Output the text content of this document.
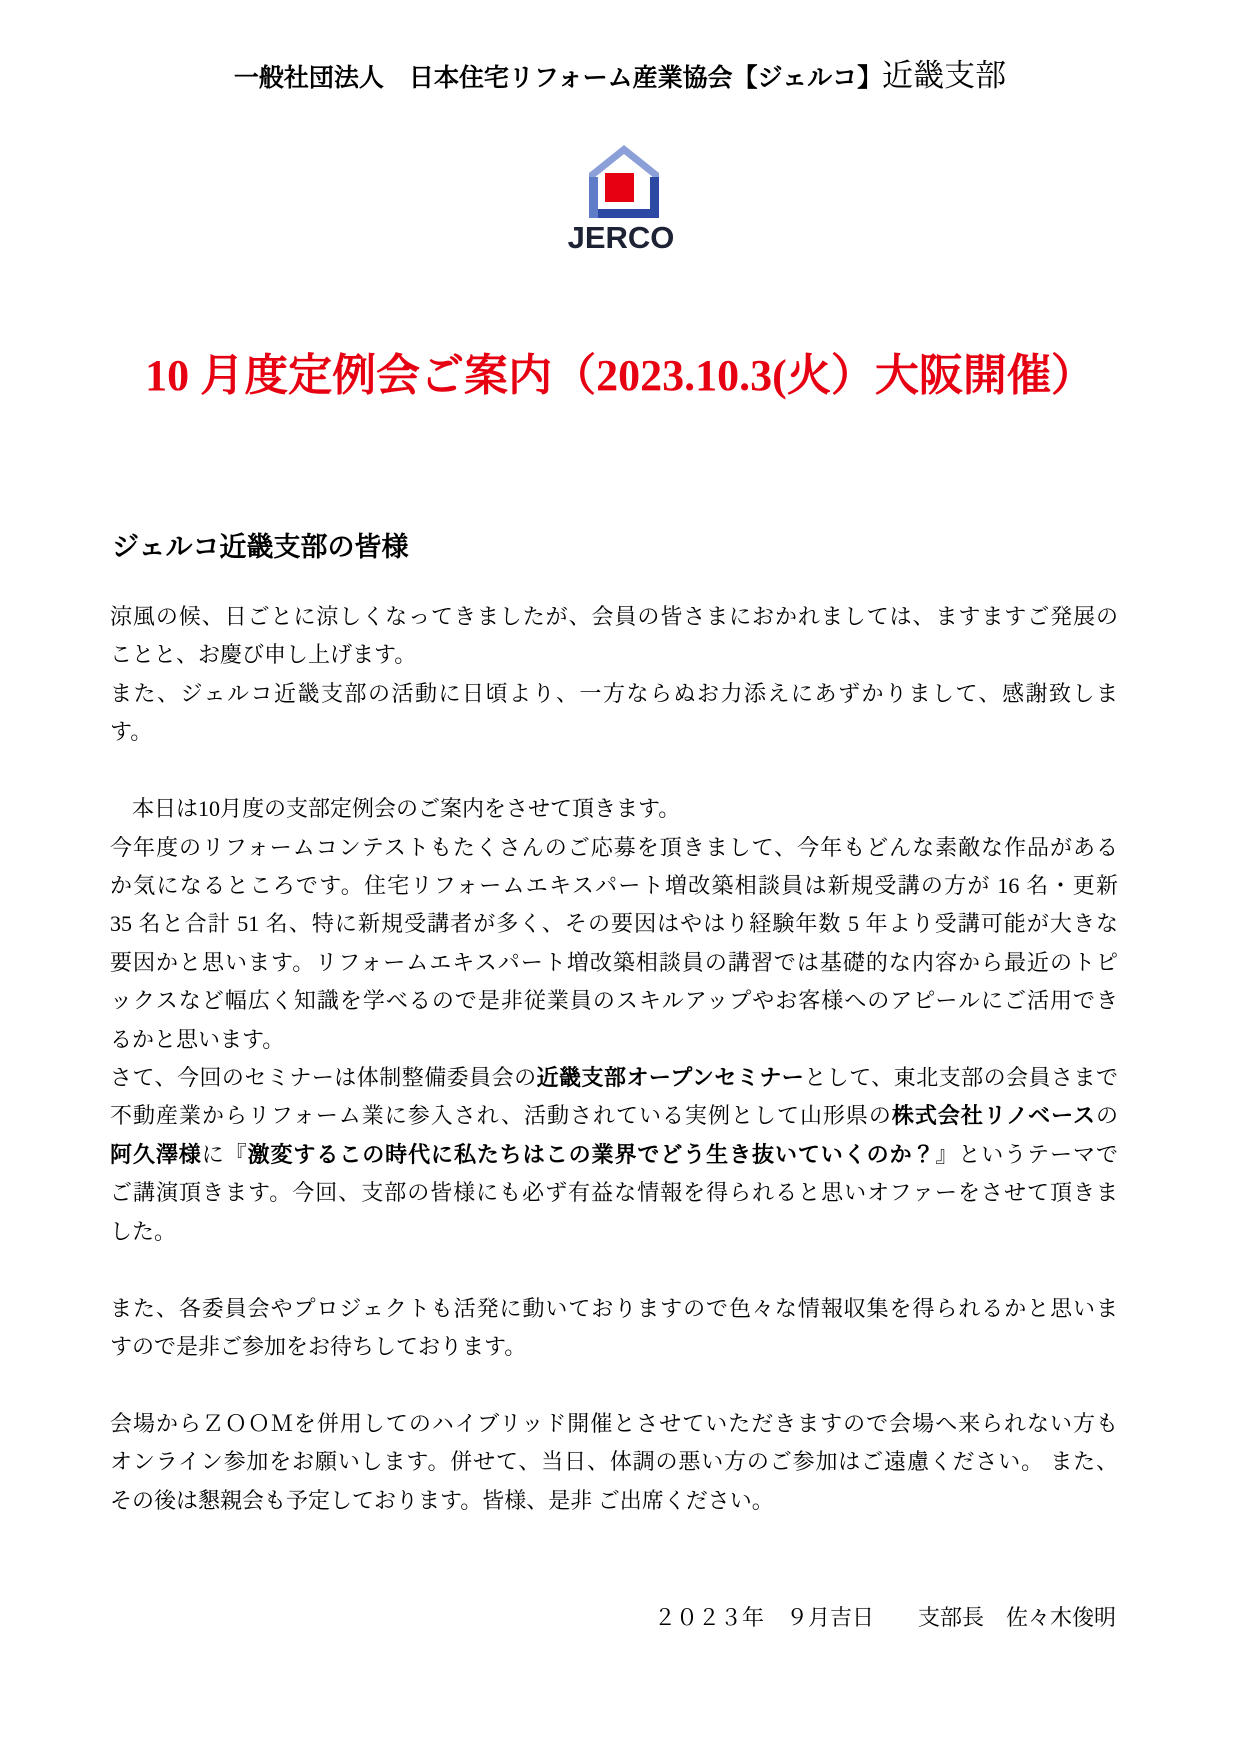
一般社団法人　日本住宅リフォーム産業協会【ジェルコ】近畿支部
JERCO
10 月度定例会ご案内（2023.10.3(火）大阪開催）
ジェルコ近畿支部の皆様
涼風の候、日ごとに涼しくなってきましたが、会員の皆さまにおかれましては、ますますご発展の
ことと、お慶び申し上げます。
また、ジェルコ近畿支部の活動に日頃より、一方ならぬお力添えにあずかりまして、感謝致しま
す。
　本日は10月度の支部定例会のご案内をさせて頂きます。
今年度のリフォームコンテストもたくさんのご応募を頂きまして、今年もどんな素敵な作品がある
か気になるところです。住宅リフォームエキスパート増改築相談員は新規受講の方が 16 名・更新
35 名と合計 51 名、特に新規受講者が多く、その要因はやはり経験年数 5 年より受講可能が大きな
要因かと思います。リフォームエキスパート増改築相談員の講習では基礎的な内容から最近のトピ
ックスなど幅広く知識を学べるので是非従業員のスキルアップやお客様へのアピールにご活用でき
るかと思います。
さて、今回のセミナーは体制整備委員会の近畿支部オープンセミナーとして、東北支部の会員さまで
不動産業からリフォーム業に参入され、活動されている実例として山形県の株式会社リノベースの
阿久澤様に『激変するこの時代に私たちはこの業界でどう生き抜いていくのか？』というテーマで
ご講演頂きます。今回、支部の皆様にも必ず有益な情報を得られると思いオファーをさせて頂きま
した。
また、各委員会やプロジェクトも活発に動いておりますので色々な情報収集を得られるかと思いま
すので是非ご参加をお待ちしております。
会場からＺＯＯＭを併用してのハイブリッド開催とさせていただきますので会場へ来られない方も
オンライン参加をお願いします。併せて、当日、体調の悪い方のご参加はご遠慮ください。 また、
その後は懇親会も予定しております。皆様、是非 ご出席ください。
２０２３年　９月吉日 支部長 佐々木俊明
